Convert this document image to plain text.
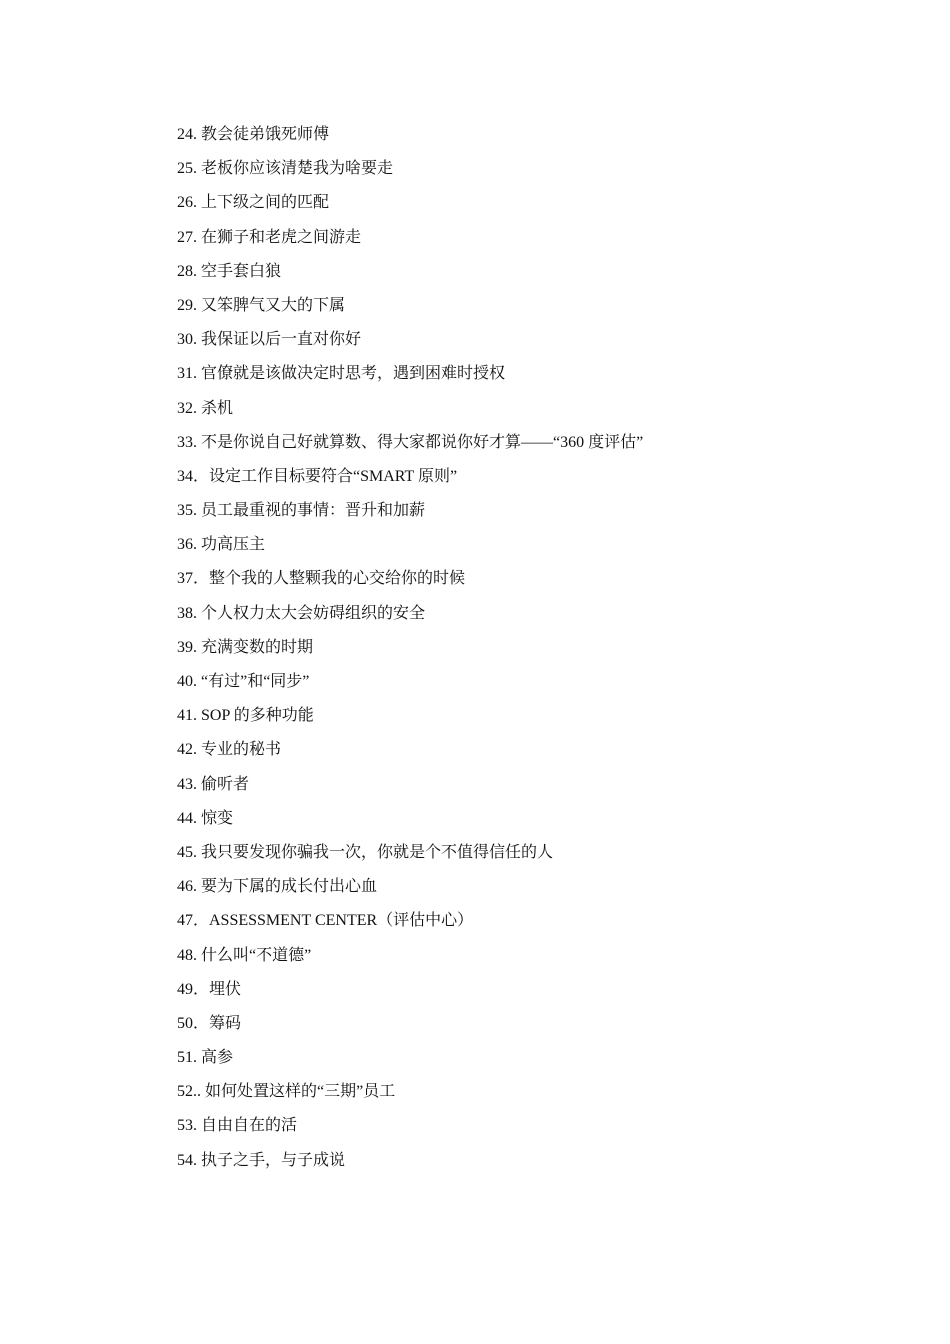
24. 教会徒弟饿死师傅
25. 老板你应该清楚我为啥要走
26. 上下级之间的匹配
27. 在狮子和老虎之间游走
28. 空手套白狼
29. 又笨脾气又大的下属
30. 我保证以后一直对你好
31. 官僚就是该做决定时思考，遇到困难时授权
32. 杀机
33. 不是你说自己好就算数、得大家都说你好才算——“360 度评估”
34．设定工作目标要符合“SMART 原则”
35. 员工最重视的事情：晋升和加薪
36. 功高压主
37．整个我的人整颗我的心交给你的时候
38. 个人权力太大会妨碍组织的安全
39. 充满变数的时期
40. “有过”和“同步”
41. SOP 的多种功能
42. 专业的秘书
43. 偷听者
44. 惊变
45. 我只要发现你骗我一次，你就是个不值得信任的人
46. 要为下属的成长付出心血
47．ASSESSMENT CENTER（评估中心）
48. 什么叫“不道德”
49．埋伏
50．筹码
51. 高参
52.. 如何处置这样的“三期”员工
53. 自由自在的活
54. 执子之手，与子成说
